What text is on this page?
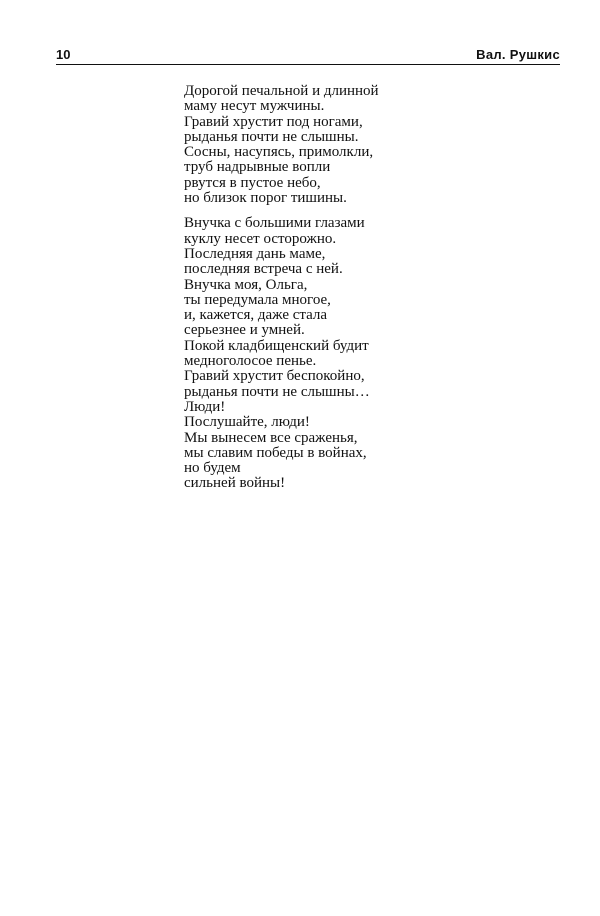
10	Вал. Рушкис

Дорогой печальной и длинной
маму несут мужчины.
Гравий хрустит под ногами,
рыданья почти не слышны.
Сосны, насупясь, примолкли,
труб надрывные вопли
рвутся в пустое небо,
но близок порог тишины.

Внучка с большими глазами
куклу несет осторожно.
Последняя дань маме,
последняя встреча с ней.
Внучка моя, Ольга,
ты передумала многое,
и, кажется, даже стала
серьезнее и умней.
Покой кладбищенский будит
медноголосое пенье.
Гравий хрустит беспокойно,
рыданья почти не слышны…
Люди!
Послушайте, люди!
Мы вынесем все сраженья,
мы славим победы в войнах,
но будем
сильней войны!
